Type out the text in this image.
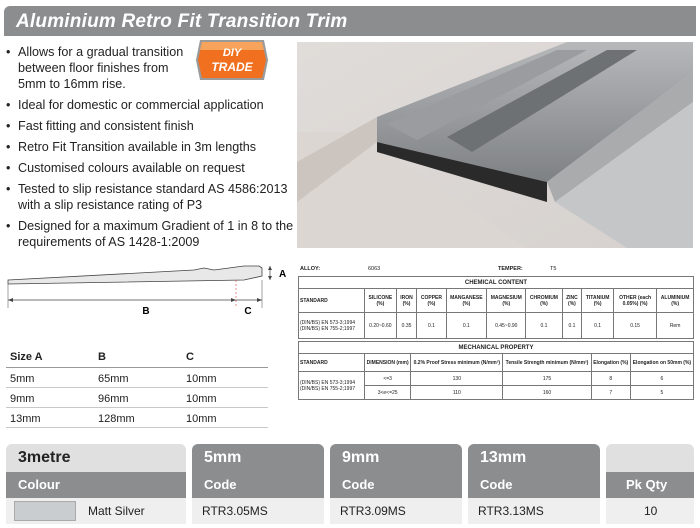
Aluminium Retro Fit Transition Trim
• Allows for a gradual transition between floor finishes from 5mm to 16mm rise.
• Ideal for domestic or commercial application
• Fast fitting and consistent finish
• Retro Fit Transition available in 3m lengths
• Customised colours available on request
• Tested to slip resistance standard AS 4586:2013 with a slip resistance rating of P3
• Designed for a maximum Gradient of 1 in 8 to the requirements of AS 1428-1:2009
DIY
TRADE
B	C
A
Size A	B	C
5mm	65mm	10mm
9mm	96mm	10mm
13mm	128mm	10mm
ALLOY:	6063	TEMPER:	T5
CHEMICAL CONTENT										
STANDARD	SILICONE (%)	IRON (%)	COPPER (%)	MANGANESE (%)	MAGNESIUM (%)	CHROMIUM (%)	ZINC (%)	TITANIUM (%)	OTHER (each 0.05%) (%)	ALUMINIUM (%)
(DIN/BS) EN 573-3;1994 (DIN/BS) EN 755-2;1997	0.20~0.60	0.35	0.1	0.1	0.45~0.90	0.1	0.1	0.1	0.15	Rem
MECHANICAL PROPERTY					
STANDARD	DIMENSION (mm)	0.2% Proof Stress minimum (N/mm²)	Tensile Strength minimum (N/mm²)	Elongation (%)	Elongation on 50mm (%)
(DIN/BS) EN 573-3;1994 (DIN/BS) EN 755-2;1997	<=3	130	175	8	6
	3<e<=25	110	160	7	5
3metre
Colour
Matt Silver
5mm
Code
RTR3.05MS
9mm
Code
RTR3.09MS
13mm
Code
RTR3.13MS
Pk Qty
10
